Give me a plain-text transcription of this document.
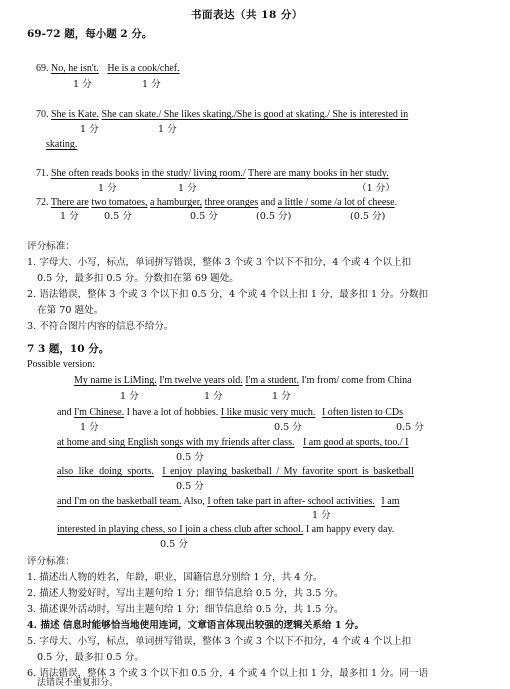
书面表达（共 18 分）
69-72 题，每小题 2 分。
69. No, he isn't. He is a cook/chef.
1 分	1 分
70. She is Kate. She can skate./ She likes skating./She is good at skating./ She is interested in
1 分	1 分
skating.
71. She often reads books in the study/ living room./ There are many books in her study.
1 分	1 分	（1 分）
72. There are two tomatoes, a hamburger, three oranges and a little / some /a lot of cheese.
1 分	0.5 分	0.5 分	(0.5 分)	(0.5 分)
评分标准：
1. 字母大、小写，标点，单词拼写错误，整体 3 个或 3 个以下不扣分，4 个或 4 个以上扣
0.5 分，最多扣 0.5 分。分数扣在第 69 题处。
2. 语法错误，整体 3 个或 3 个以下扣 0.5 分，4 个或 4 个以上扣 1 分，最多扣 1 分。分数扣
在第 70 题处。
3. 不符合图片内容的信息不给分。
7 3 题，10 分。
Possible version:
My name is LiMing. I'm twelve years old. I'm a student. I'm from/ come from China
1 分	1 分	1 分
and I'm Chinese. I have a lot of hobbies. I like music very much. I often listen to CDs
1 分	0.5 分	0.5 分
at home and sing English songs with my friends after class. I am good at sports, too./ I
0.5 分
also like doing sports. I enjoy playing basketball / My favorite sport is basketball
0.5 分
and I'm on the basketball team. Also, I often take part in after- school activities. I am
1 分
interested in playing chess, so I join a chess club after school. I am happy every day.
0.5 分
评分标准：
1. 描述出人物的姓名，年龄，职业，国籍信息分别给 1 分，共 4 分。
2. 描述人物爱好时，写出主题句给 1 分；细节信息给 0.5 分，共 3.5 分。
3. 描述课外活动时，写出主题句给 1 分；细节信息给 0.5 分，共 1.5 分。
4. 描述 信息时能够恰当地使用连词，文章语言体现出较强的逻辑关系给 1 分。
5. 字母大、小写，标点，单词拼写错误，整体 3 个或 3 个以下不扣分，4 个或 4 个以上扣
0.5 分，最多扣 0.5 分。
6. 语法错误，整体 3 个或 3 个以下扣 0.5 分，4 个或 4 个以上扣 1 分，最多扣 1 分。同一语
法错误不重复扣分。
